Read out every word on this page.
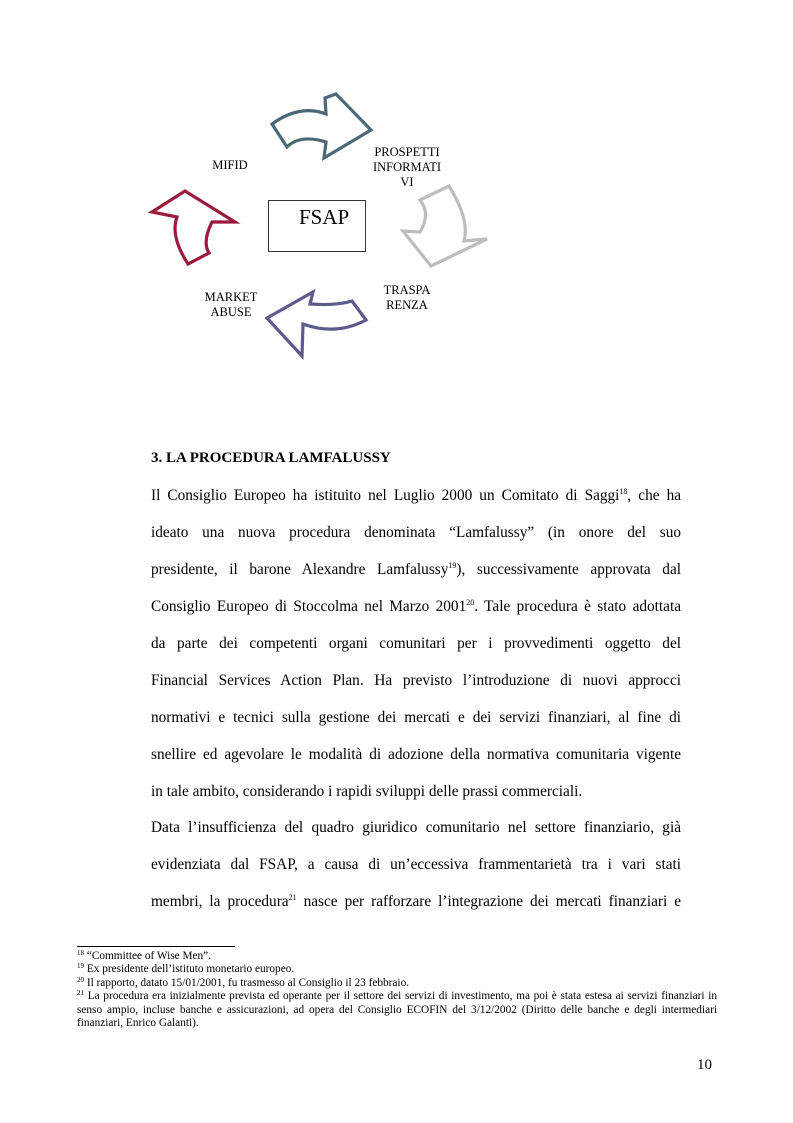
FSAP
PROSPETTI
INFORMATI
VI
TRASPA
RENZA
MARKET
ABUSE
MIFID
3. LA PROCEDURA LAMFALUSSY
Il Consiglio Europeo ha istituito nel Luglio 2000 un Comitato di Saggi$^{18}$, che ha
ideato una nuova procedura denominata “Lamfalussy” (in onore del suo
presidente, il barone Alexandre Lamfalussy$^{19}$), successivamente approvata dal
Consiglio Europeo di Stoccolma nel Marzo 2001$^{20}$. Tale procedura è stato adottata
da parte dei competenti organi comunitari per i provvedimenti oggetto del
Financial Services Action Plan. Ha previsto l’introduzione di nuovi approcci
normativi e tecnici sulla gestione dei mercati e dei servizi finanziari, al fine di
snellire ed agevolare le modalità di adozione della normativa comunitaria vigente
in tale ambito, considerando i rapidi sviluppi delle prassi commerciali.
Data l’insufficienza del quadro giuridico comunitario nel settore finanziario, già
evidenziata dal FSAP, a causa di un’eccessiva frammentarietà tra i vari stati
membri, la procedura$^{21}$ nasce per rafforzare l’integrazione dei mercati finanziari e
$^{18}$ “Committee of Wise Men”.
$^{19}$ Ex presidente dell’istituto monetario europeo.
$^{20}$ Il rapporto, datato 15/01/2001, fu trasmesso al Consiglio il 23 febbraio.
$^{21}$ La procedura era inizialmente prevista ed operante per il settore dei servizi di investimento, ma poi è stata estesa ai servizi finanziari in senso ampio, incluse banche e assicurazioni, ad opera del Consiglio ECOFIN del 3/12/2002 (Diritto delle banche e degli intermediari finanziari, Enrico Galanti).
10
